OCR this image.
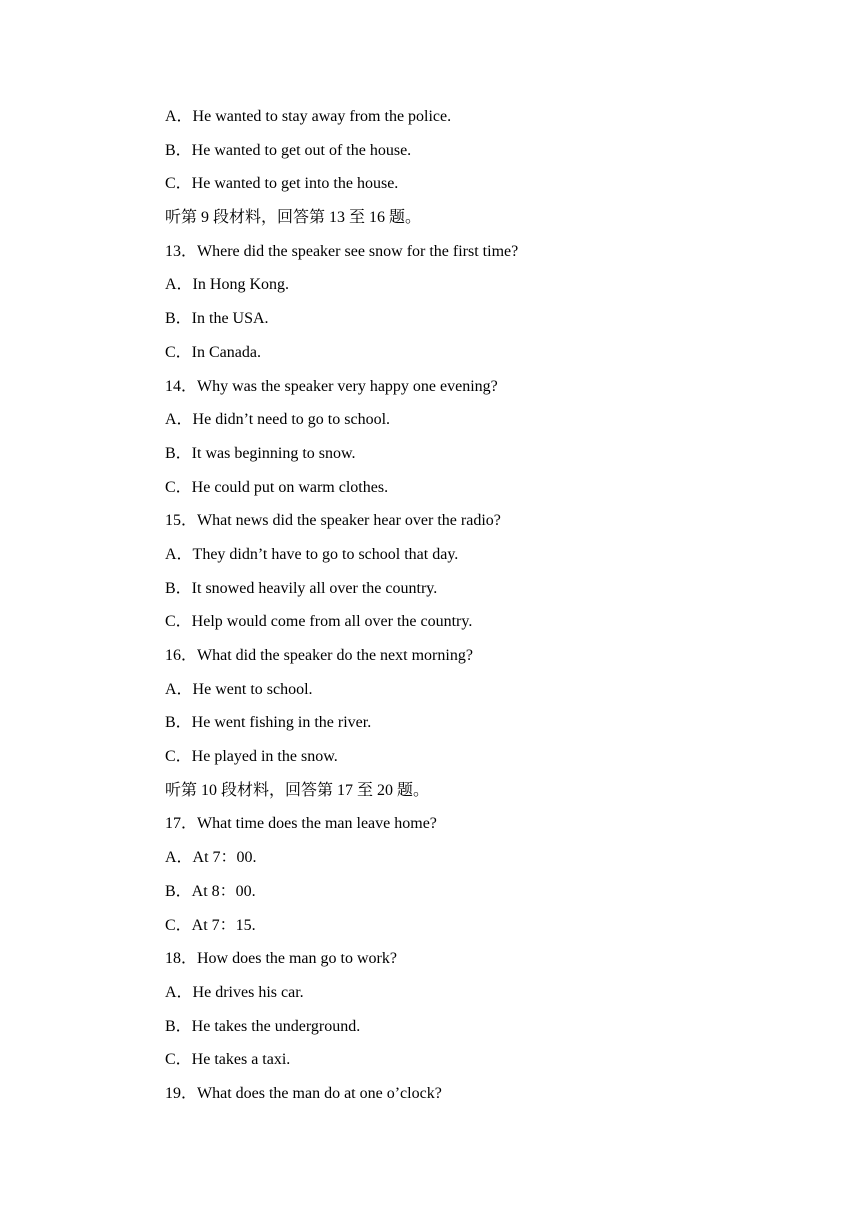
A．He wanted to stay away from the police.
B．He wanted to get out of the house.
C．He wanted to get into the house.
听第 9 段材料，回答第 13 至 16 题。
13．Where did the speaker see snow for the first time?
A．In Hong Kong.
B．In the USA.
C．In Canada.
14．Why was the speaker very happy one evening?
A．He didn’t need to go to school.
B．It was beginning to snow.
C．He could put on warm clothes.
15．What news did the speaker hear over the radio?
A．They didn’t have to go to school that day.
B．It snowed heavily all over the country.
C．Help would come from all over the country.
16．What did the speaker do the next morning?
A．He went to school.
B．He went fishing in the river.
C．He played in the snow.
听第 10 段材料，回答第 17 至 20 题。
17．What time does the man leave home?
A．At 7：00.
B．At 8：00.
C．At 7：15.
18．How does the man go to work?
A．He drives his car.
B．He takes the underground.
C．He takes a taxi.
19．What does the man do at one o’clock?
